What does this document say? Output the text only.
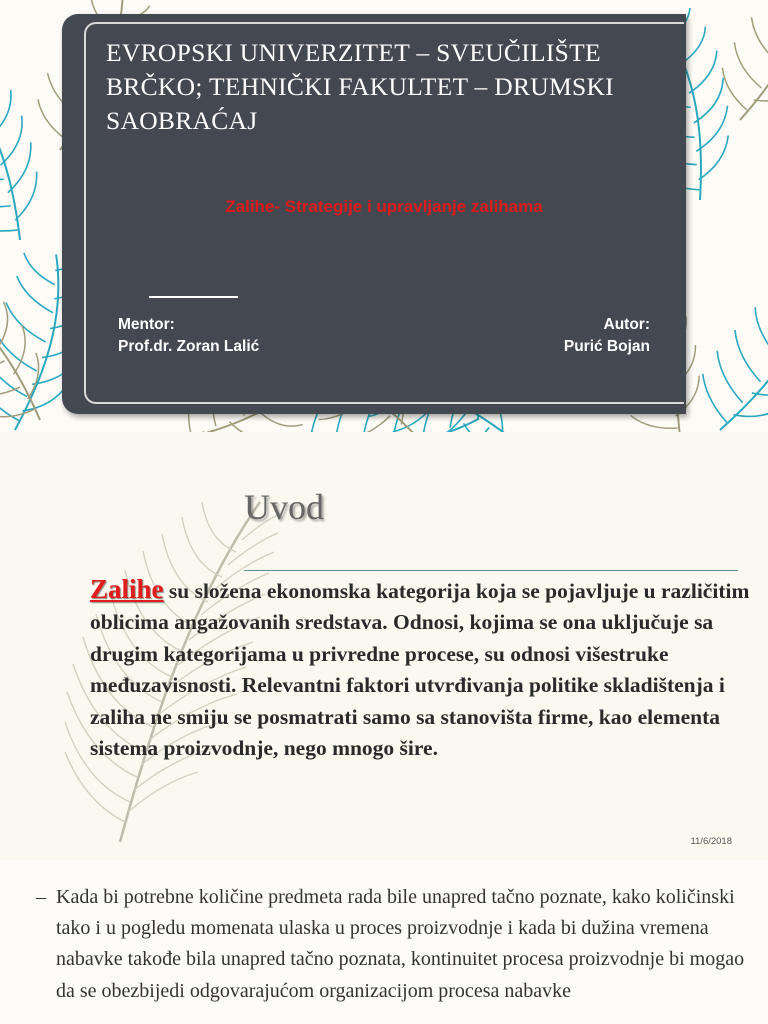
EVROPSKI UNIVERZITET – SVEUČILIŠTE BRČKO; TEHNIČKI FAKULTET – DRUMSKI SAOBRAĆAJ
Zalihe- Strategije i upravljanje zalihama
Mentor:
Prof.dr. Zoran Lalić
Autor:
Purić Bojan
Uvod

Zalihe su složena ekonomska kategorija koja se pojavljuje u različitim oblicima angažovanih sredstava. Odnosi, kojima se ona uključuje sa drugim kategorijama u privredne procese, su odnosi višestruke međuzavisnosti. Relevantni faktori utvrđivanja politike skladištenja i zaliha ne smiju se posmatrati samo sa stanovišta firme, kao elementa sistema proizvodnje, nego mnogo šire.

11/6/2018
– Kada bi potrebne količine predmeta rada bile unapred tačno poznate, kako količinski tako i u pogledu momenata ulaska u proces proizvodnje i kada bi dužina vremena nabavke takođe bila unapred tačno poznata, kontinuitet procesa proizvodnje bi mogao da se obezbijedi odgovarajućom organizacijom procesa nabavke
